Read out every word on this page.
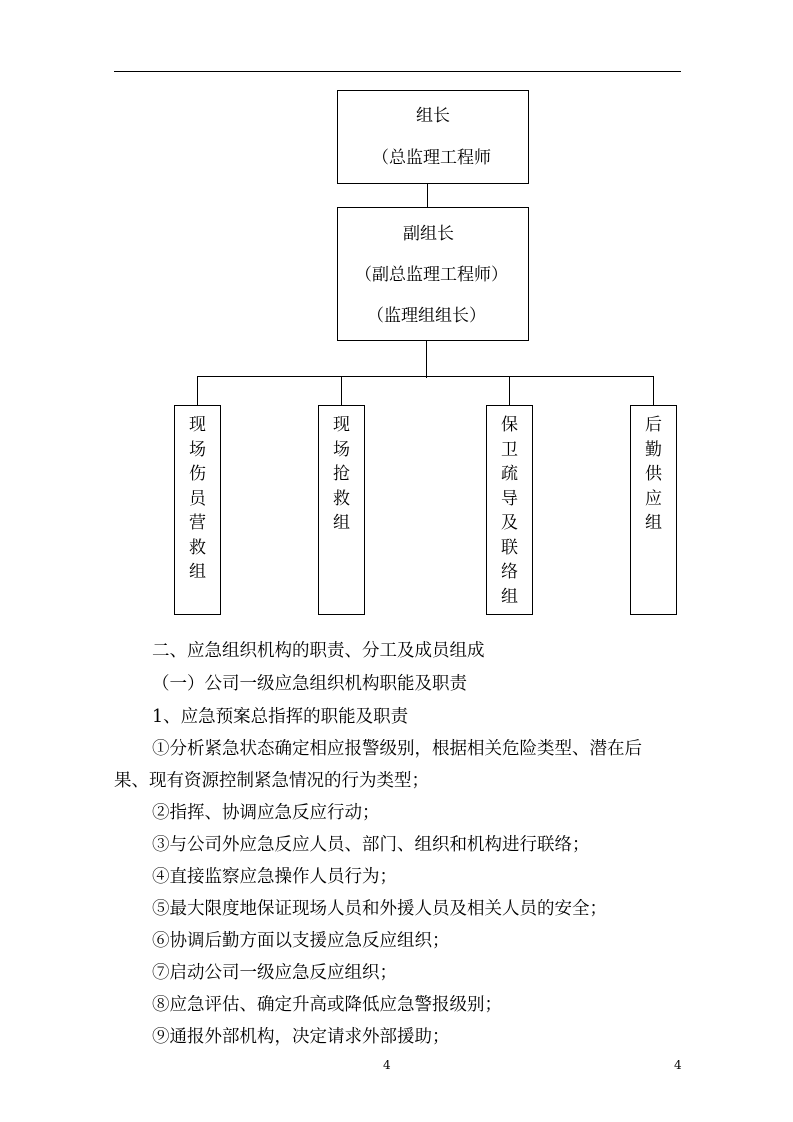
组长
（总监理工程师
副组长
（副总监理工程师）
（监理组组长）
现场伤员营救组
现场抢救组
保卫疏导及联络组
后勤供应组

二、应急组织机构的职责、分工及成员组成

（一）公司一级应急组织机构职能及职责

1、应急预案总指挥的职能及职责

①分析紧急状态确定相应报警级别，根据相关危险类型、潜在后

果、现有资源控制紧急情况的行为类型；

②指挥、协调应急反应行动；

③与公司外应急反应人员、部门、组织和机构进行联络；

④直接监察应急操作人员行为；

⑤最大限度地保证现场人员和外援人员及相关人员的安全；

⑥协调后勤方面以支援应急反应组织；

⑦启动公司一级应急反应组织；

⑧应急评估、确定升高或降低应急警报级别；

⑨通报外部机构，决定请求外部援助；

4	4
